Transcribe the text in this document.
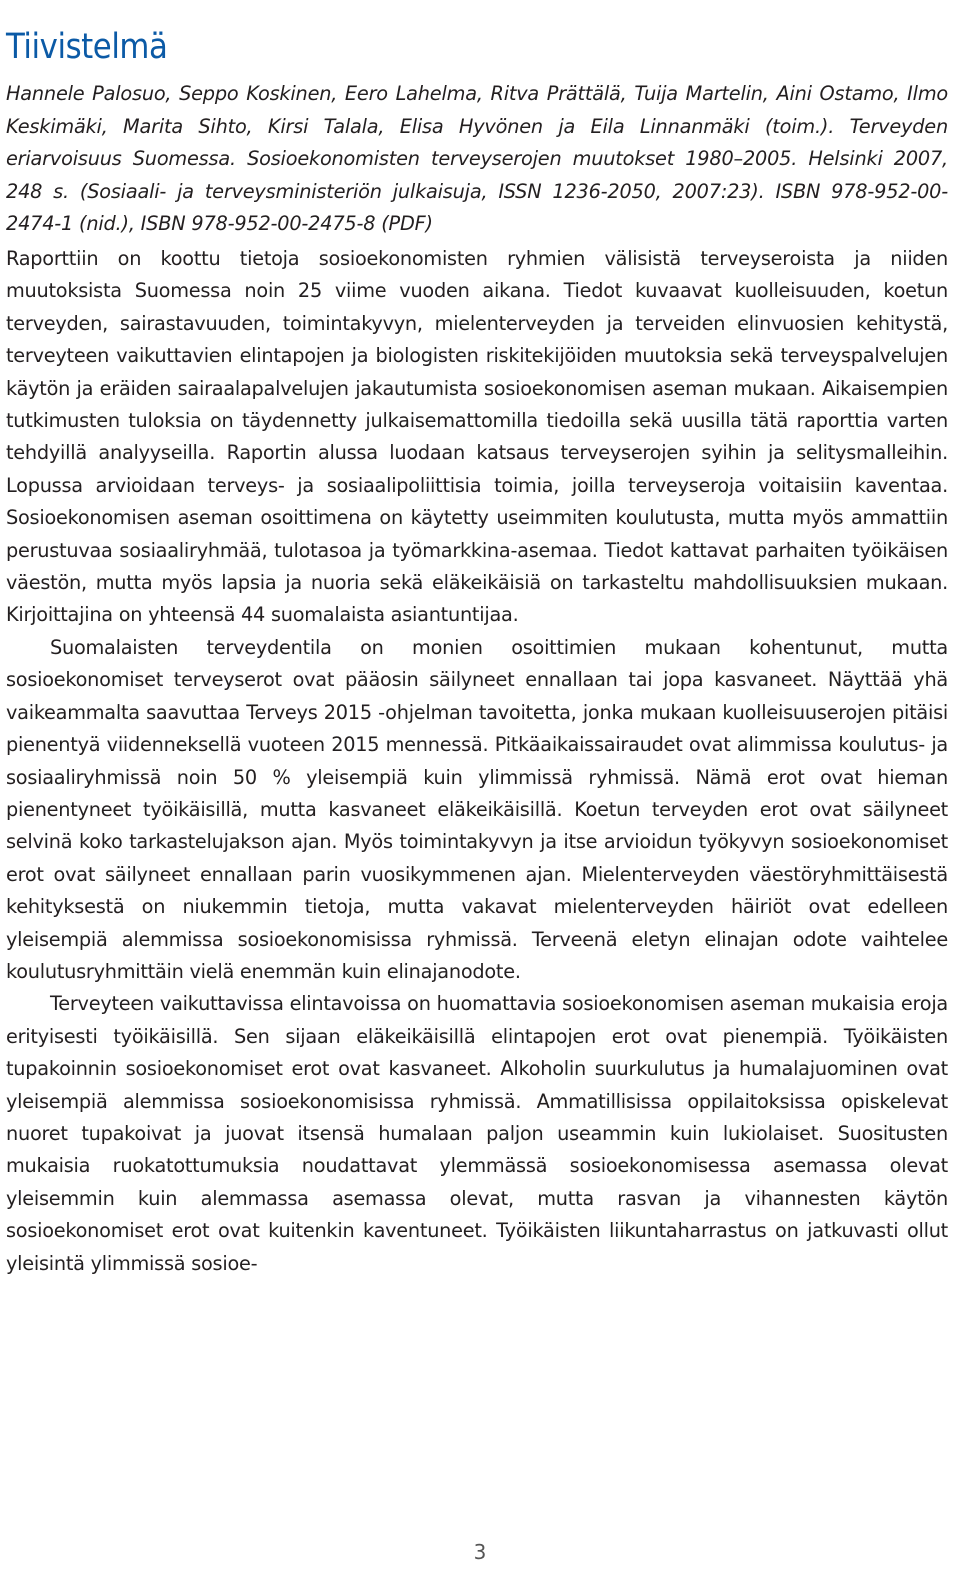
Tiivistelmä
Hannele Palosuo, Seppo Koskinen, Eero Lahelma, Ritva Prättälä, Tuija Martelin, Aini Ostamo, Ilmo Keskimäki, Marita Sihto, Kirsi Talala, Elisa Hyvönen ja Eila Linnanmäki (toim.). Terveyden eriarvoisuus Suomessa. Sosioekonomisten terveyserojen muutokset 1980–2005. Helsinki 2007, 248 s. (Sosiaali- ja terveysministeriön julkaisuja, ISSN 1236-2050, 2007:23). ISBN 978-952-00-2474-1 (nid.), ISBN 978-952-00-2475-8 (PDF)

Raporttiin on koottu tietoja sosioekonomisten ryhmien välisistä terveyseroista ja niiden muutoksista Suomessa noin 25 viime vuoden aikana. Tiedot kuvaavat kuolleisuuden, koetun terveyden, sairastavuuden, toimintakyvyn, mielenterveyden ja terveiden elinvuosien kehitystä, terveyteen vaikuttavien elintapojen ja biologisten riskitekijöiden muutoksia sekä terveyspalvelujen käytön ja eräiden sairaalapalvelujen jakautumista sosioekonomisen aseman mukaan. Aikaisempien tutkimusten tuloksia on täydennetty julkaisemattomilla tiedoilla sekä uusilla tätä raporttia varten tehdyillä analyyseilla. Raportin alussa luodaan katsaus terveyserojen syihin ja selitysmalleihin. Lopussa arvioidaan terveys- ja sosiaalipoliittisia toimia, joilla terveyseroja voitaisiin kaventaa. Sosioekonomisen aseman osoittimena on käytetty useimmiten koulutusta, mutta myös ammattiin perustuvaa sosiaaliryhmää, tulotasoa ja työmarkkina-asemaa. Tiedot kattavat parhaiten työikäisen väestön, mutta myös lapsia ja nuoria sekä eläkeikäisiä on tarkasteltu mahdollisuuksien mukaan. Kirjoittajina on yhteensä 44 suomalaista asiantuntijaa.

Suomalaisten terveydentila on monien osoittimien mukaan kohentunut, mutta sosioekonomiset terveyserot ovat pääosin säilyneet ennallaan tai jopa kasvaneet. Näyttää yhä vaikeammalta saavuttaa Terveys 2015 -ohjelman tavoitetta, jonka mukaan kuolleisuuserojen pitäisi pienentyä viidenneksellä vuoteen 2015 mennessä. Pitkäaikaissairaudet ovat alimmissa koulutus- ja sosiaaliryhmissä noin 50 % yleisempiä kuin ylimmissä ryhmissä. Nämä erot ovat hieman pienentyneet työikäisillä, mutta kasvaneet eläkeikäisillä. Koetun terveyden erot ovat säilyneet selvinä koko tarkastelujakson ajan. Myös toimintakyvyn ja itse arvioidun työkyvyn sosioekonomiset erot ovat säilyneet ennallaan parin vuosikymmenen ajan. Mielenterveyden väestöryhmittäisestä kehityksestä on niukemmin tietoja, mutta vakavat mielenterveyden häiriöt ovat edelleen yleisempiä alemmissa sosioekonomisissa ryhmissä. Terveenä eletyn elinajan odote vaihtelee koulutusryhmittäin vielä enemmän kuin elinajanodote.

Terveyteen vaikuttavissa elintavoissa on huomattavia sosioekonomisen aseman mukaisia eroja erityisesti työikäisillä. Sen sijaan eläkeikäisillä elintapojen erot ovat pienempiä. Työikäisten tupakoinnin sosioekonomiset erot ovat kasvaneet. Alkoholin suurkulutus ja humalajuominen ovat yleisempiä alemmissa sosioekonomisissa ryhmissä. Ammatillisissa oppilaitoksissa opiskelevat nuoret tupakoivat ja juovat itsensä humalaan paljon useammin kuin lukiolaiset. Suositusten mukaisia ruokatottumuksia noudattavat ylemmässä sosioekonomisessa asemassa olevat yleisemmin kuin alemmassa asemassa olevat, mutta rasvan ja vihannesten käytön sosioekonomiset erot ovat kuitenkin kaventuneet. Työikäisten liikuntaharrastus on jatkuvasti ollut yleisintä ylimmissä sosioe-

3
